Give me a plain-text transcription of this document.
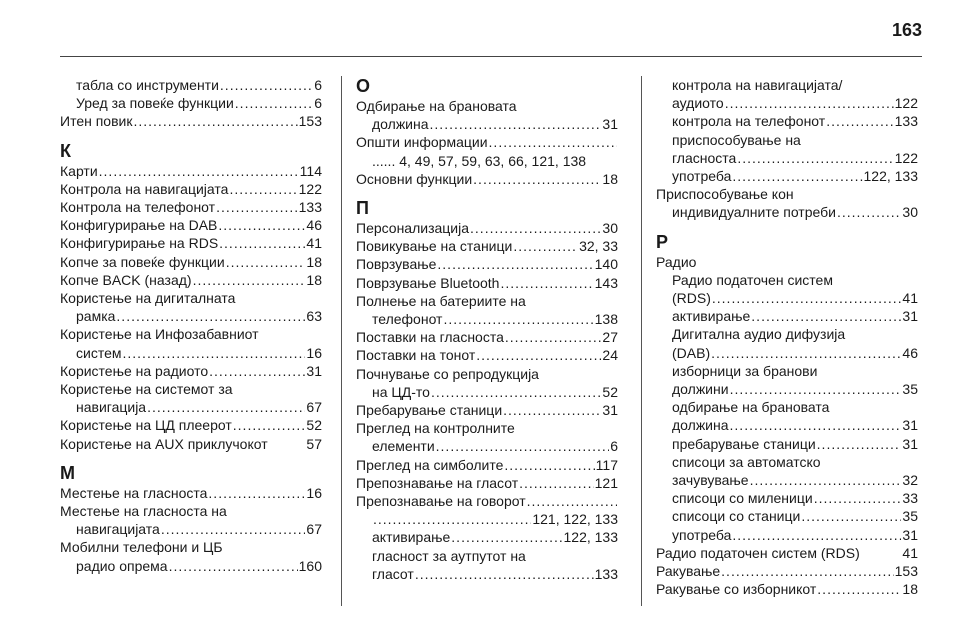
163
табла со инструменти .....	6
Уред за повеќе функции .....	6
Итен повик .....	153
К
Карти .....	114
Контрола на навигацијата .....	122
Контрола на телефонот .....	133
Конфигурирање на DAB .....	46
Конфигурирање на RDS .....	41
Копче за повеќе функции .....	18
Копче BACK (назад) .....	18
Користење на дигиталната
рамка .....	63
Користење на Инфозабавниот
систем .....	16
Користење на радиото .....	31
Користење на системот за
навигација .....	67
Користење на ЦД плеерот .....	52
Користење на AUX приклучокот	57
М
Местење на гласноста .....	16
Местење на гласноста на
навигацијата .....	67
Мобилни телефони и ЦБ
радио опрема .....	160
О
Одбирање на брановата
должина .....	31
Општи информации
.....
...... 4, 49, 57, 59, 63, 66, 121, 138
Основни функции .....	18
П
Персонализација .....	30
Повикување на станици .....	32, 33
Поврзување .....	140
Поврзување Bluetooth .....	143
Полнење на батериите на
телефонот .....	138
Поставки на гласноста .....	27
Поставки на тонот .....	24
Почнување со репродукција
на ЦД-то .....	52
Пребарување станици .....	31
Преглед на контролните
елементи .....	6
Преглед на симболите .....	117
Препознавање на гласот .....	121
Препознавање на говорот
.....
.....
121, 122, 133
активирање .....	122, 133
гласност за аутпутот на
гласот .....	133
контрола на навигацијата/
аудиото .....	122
контрола на телефонот .....	133
приспособување на
гласноста .....	122
употреба .....	122, 133
Приспособување кон
индивидуалните потреби .....	30
Р
Радио
Радио податочен систем
(RDS) .....	41
активирање .....	31
Дигитална аудио дифузија
(DAB) .....	46
изборници за бранови
должини .....	35
одбирање на брановата
должина .....	31
пребарување станици .....	31
списоци за автоматско
зачувување .....	32
списоци со миленици .....	33
списоци со станици .....	35
употреба .....	31
Радио податочен систем (RDS)	41
Ракување .....	153
Ракување со изборникот .....	18
